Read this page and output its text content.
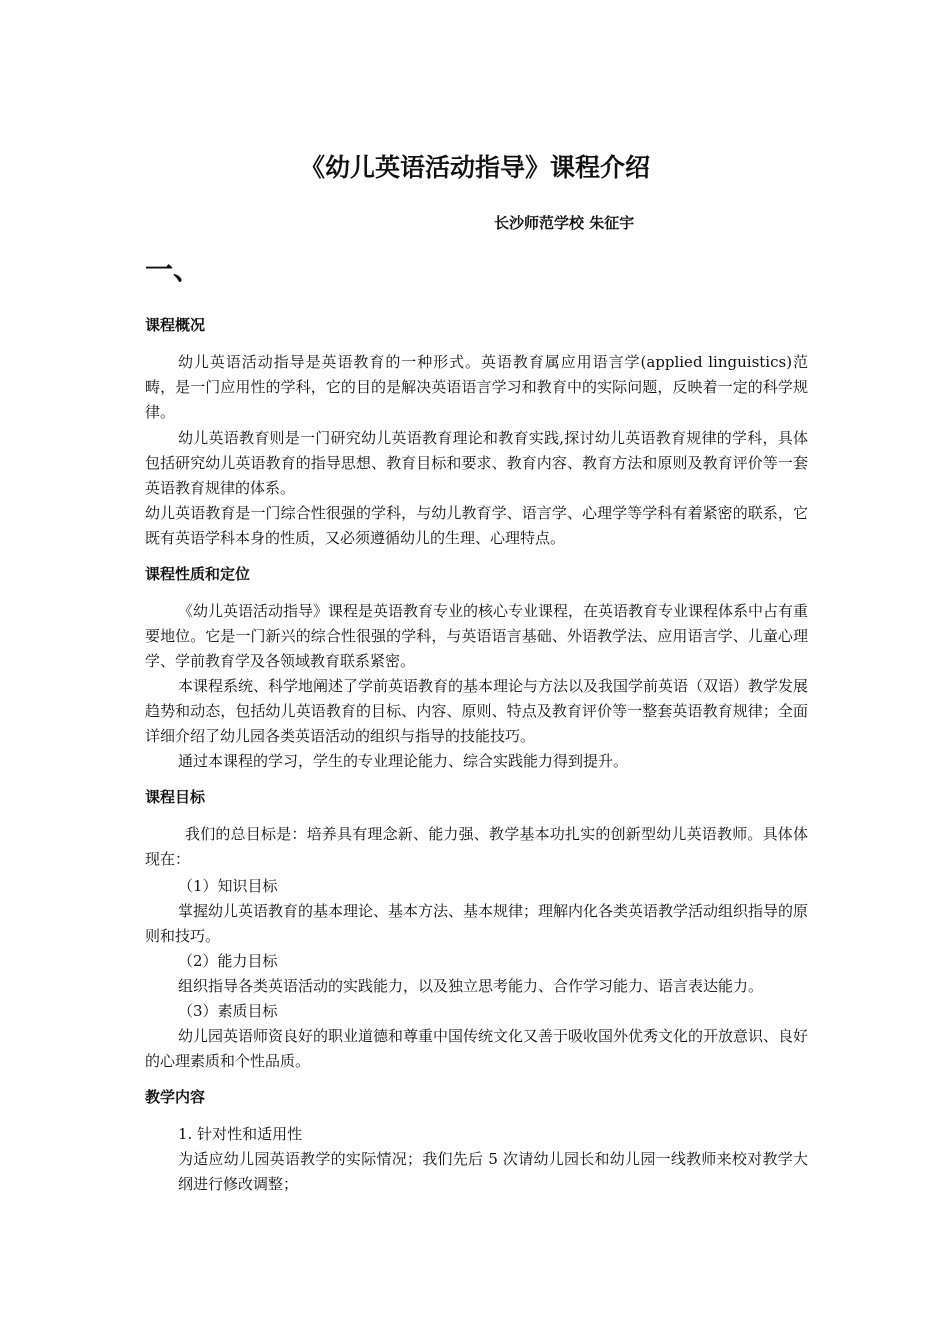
《幼儿英语活动指导》课程介绍

长沙师范学校 朱征宇

一、

课程概况

幼儿英语活动指导是英语教育的一种形式。英语教育属应用语言学(applied linguistics)范畴，是一门应用性的学科，它的目的是解决英语语言学习和教育中的实际问题，反映着一定的科学规律。

幼儿英语教育则是一门研究幼儿英语教育理论和教育实践,探讨幼儿英语教育规律的学科，具体包括研究幼儿英语教育的指导思想、教育目标和要求、教育内容、教育方法和原则及教育评价等一套英语教育规律的体系。

幼儿英语教育是一门综合性很强的学科，与幼儿教育学、语言学、心理学等学科有着紧密的联系，它既有英语学科本身的性质，又必须遵循幼儿的生理、心理特点。

课程性质和定位

《幼儿英语活动指导》课程是英语教育专业的核心专业课程，在英语教育专业课程体系中占有重要地位。它是一门新兴的综合性很强的学科，与英语语言基础、外语教学法、应用语言学、儿童心理学、学前教育学及各领域教育联系紧密。

本课程系统、科学地阐述了学前英语教育的基本理论与方法以及我国学前英语（双语）教学发展趋势和动态，包括幼儿英语教育的目标、内容、原则、特点及教育评价等一整套英语教育规律；全面详细介绍了幼儿园各类英语活动的组织与指导的技能技巧。

通过本课程的学习，学生的专业理论能力、综合实践能力得到提升。

课程目标

我们的总目标是：培养具有理念新、能力强、教学基本功扎实的创新型幼儿英语教师。具体体现在：

（1）知识目标

掌握幼儿英语教育的基本理论、基本方法、基本规律；理解内化各类英语教学活动组织指导的原则和技巧。

（2）能力目标

组织指导各类英语活动的实践能力，以及独立思考能力、合作学习能力、语言表达能力。

（3）素质目标

幼儿园英语师资良好的职业道德和尊重中国传统文化又善于吸收国外优秀文化的开放意识、良好的心理素质和个性品质。

教学内容

1. 针对性和适用性

为适应幼儿园英语教学的实际情况；我们先后 5 次请幼儿园长和幼儿园一线教师来校对教学大纲进行修改调整；
